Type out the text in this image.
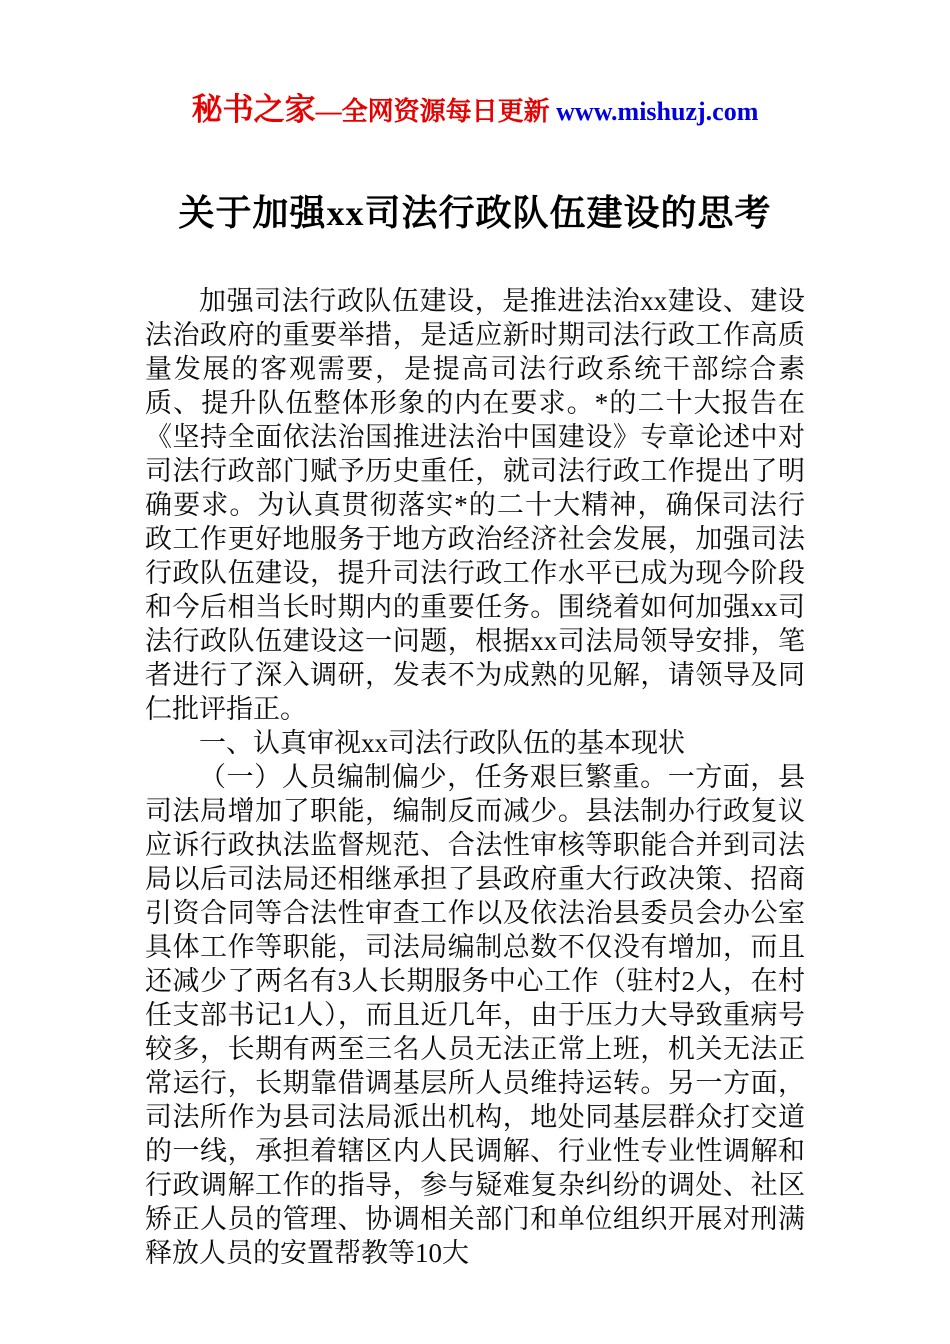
秘书之家—全网资源每日更新 www.mishuzj.com
关于加强xx司法行政队伍建设的思考

加强司法行政队伍建设，是推进法治xx建设、建设法治政府的重要举措，是适应新时期司法行政工作高质量发展的客观需要，是提高司法行政系统干部综合素质、提升队伍整体形象的内在要求。*的二十大报告在《坚持全面依法治国推进法治中国建设》专章论述中对司法行政部门赋予历史重任，就司法行政工作提出了明确要求。为认真贯彻落实*的二十大精神，确保司法行政工作更好地服务于地方政治经济社会发展，加强司法行政队伍建设，提升司法行政工作水平已成为现今阶段和今后相当长时期内的重要任务。围绕着如何加强xx司法行政队伍建设这一问题，根据xx司法局领导安排，笔者进行了深入调研，发表不为成熟的见解，请领导及同仁批评指正。

一、认真审视xx司法行政队伍的基本现状

（一）人员编制偏少，任务艰巨繁重。一方面，县司法局增加了职能，编制反而减少。县法制办行政复议应诉行政执法监督规范、合法性审核等职能合并到司法局以后司法局还相继承担了县政府重大行政决策、招商引资合同等合法性审查工作以及依法治县委员会办公室具体工作等职能，司法局编制总数不仅没有增加，而且还减少了两名有3人长期服务中心工作（驻村2人，在村任支部书记1人），而且近几年，由于压力大导致重病号较多，长期有两至三名人员无法正常上班，机关无法正常运行，长期靠借调基层所人员维持运转。另一方面，司法所作为县司法局派出机构，地处同基层群众打交道的一线，承担着辖区内人民调解、行业性专业性调解和行政调解工作的指导，参与疑难复杂纠纷的调处、社区矫正人员的管理、协调相关部门和单位组织开展对刑满释放人员的安置帮教等10大
